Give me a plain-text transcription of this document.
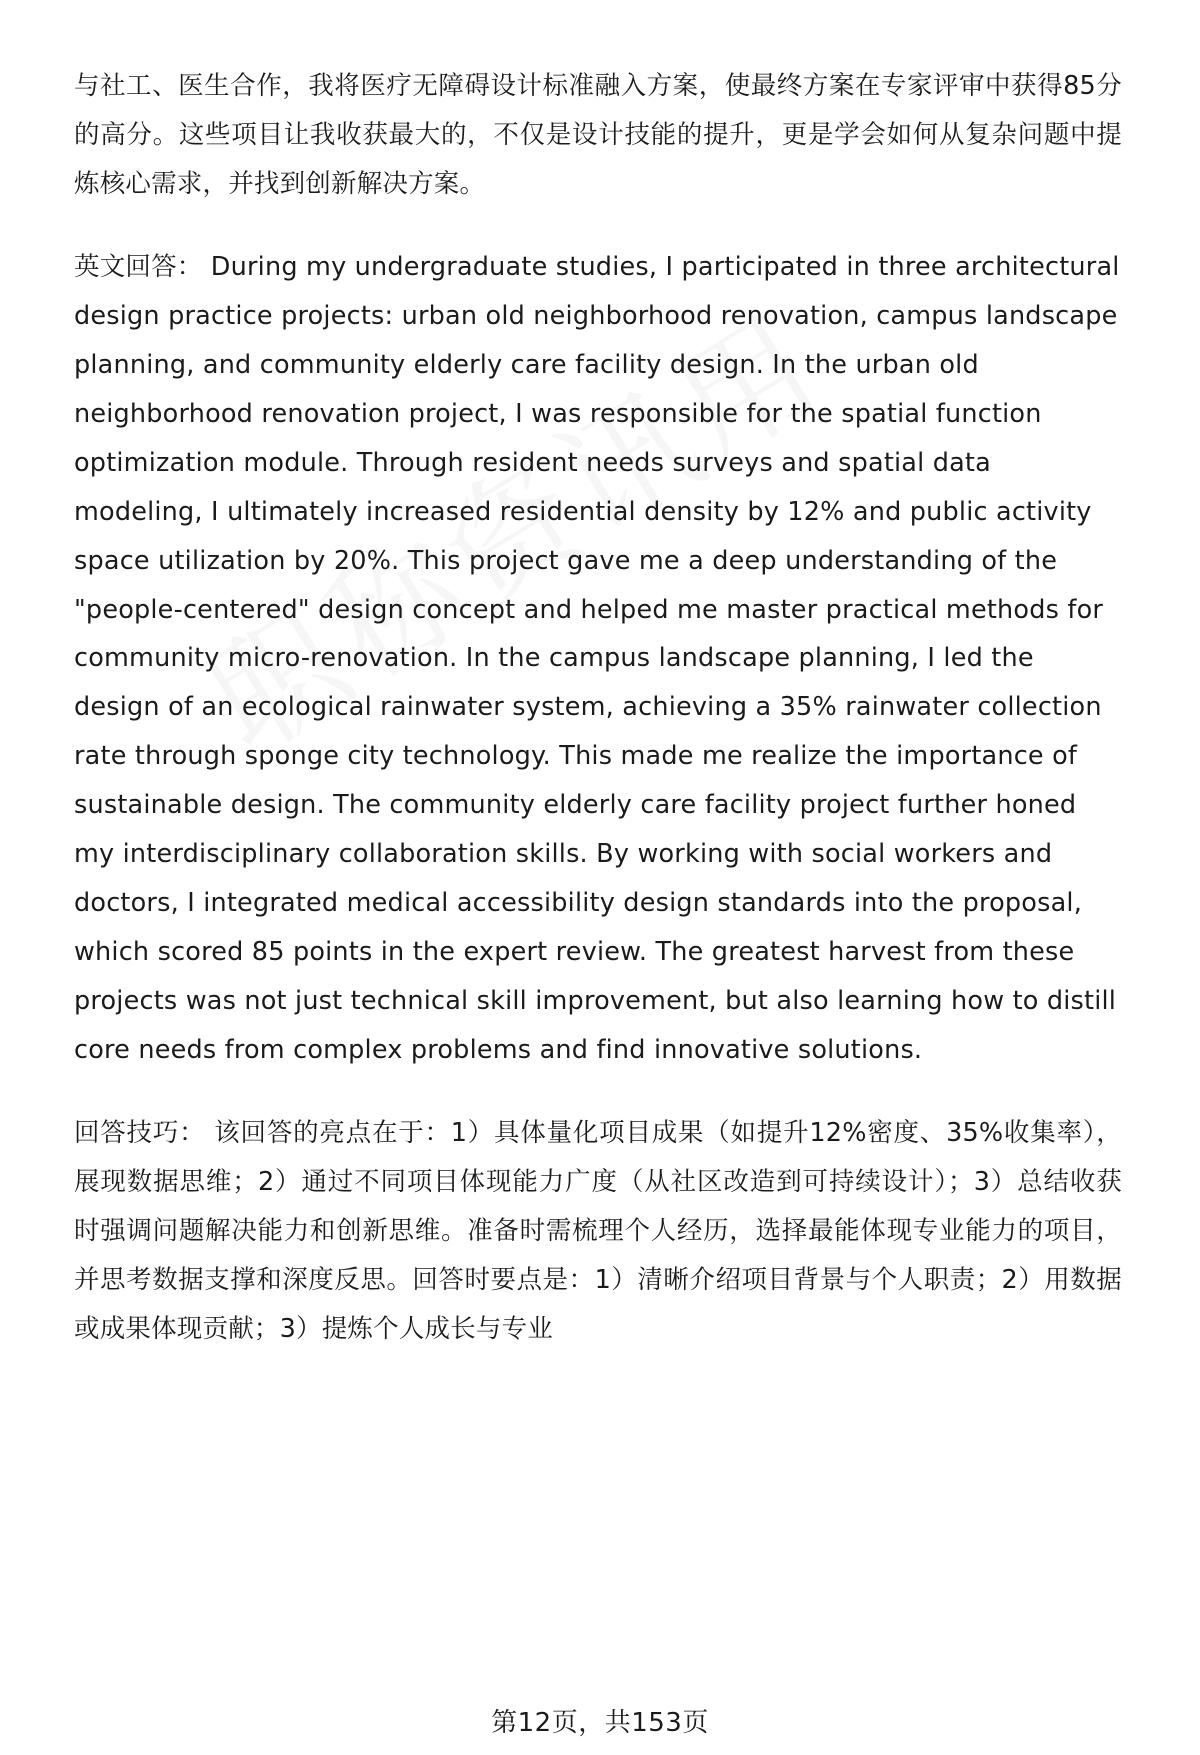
与社工、医生合作，我将医疗无障碍设计标准融入方案，使最终方案在专家评审中获得85分的高分。这些项目让我收获最大的，不仅是设计技能的提升，更是学会如何从复杂问题中提炼核心需求，并找到创新解决方案。

英文回答： During my undergraduate studies, I participated in three architectural design practice projects: urban old neighborhood renovation, campus landscape planning, and community elderly care facility design. In the urban old neighborhood renovation project, I was responsible for the spatial function optimization module. Through resident needs surveys and spatial data modeling, I ultimately increased residential density by 12% and public activity space utilization by 20%. This project gave me a deep understanding of the "people-centered" design concept and helped me master practical methods for community micro-renovation. In the campus landscape planning, I led the design of an ecological rainwater system, achieving a 35% rainwater collection rate through sponge city technology. This made me realize the importance of sustainable design. The community elderly care facility project further honed my interdisciplinary collaboration skills. By working with social workers and doctors, I integrated medical accessibility design standards into the proposal, which scored 85 points in the expert review. The greatest harvest from these projects was not just technical skill improvement, but also learning how to distill core needs from complex problems and find innovative solutions.

回答技巧： 该回答的亮点在于：1）具体量化项目成果（如提升12%密度、35%收集率），展现数据思维；2）通过不同项目体现能力广度（从社区改造到可持续设计）；3）总结收获时强调问题解决能力和创新思维。准备时需梳理个人经历，选择最能体现专业能力的项目，并思考数据支撑和深度反思。回答时要点是：1）清晰介绍项目背景与个人职责；2）用数据或成果体现贡献；3）提炼个人成长与专业

第12页，共153页
